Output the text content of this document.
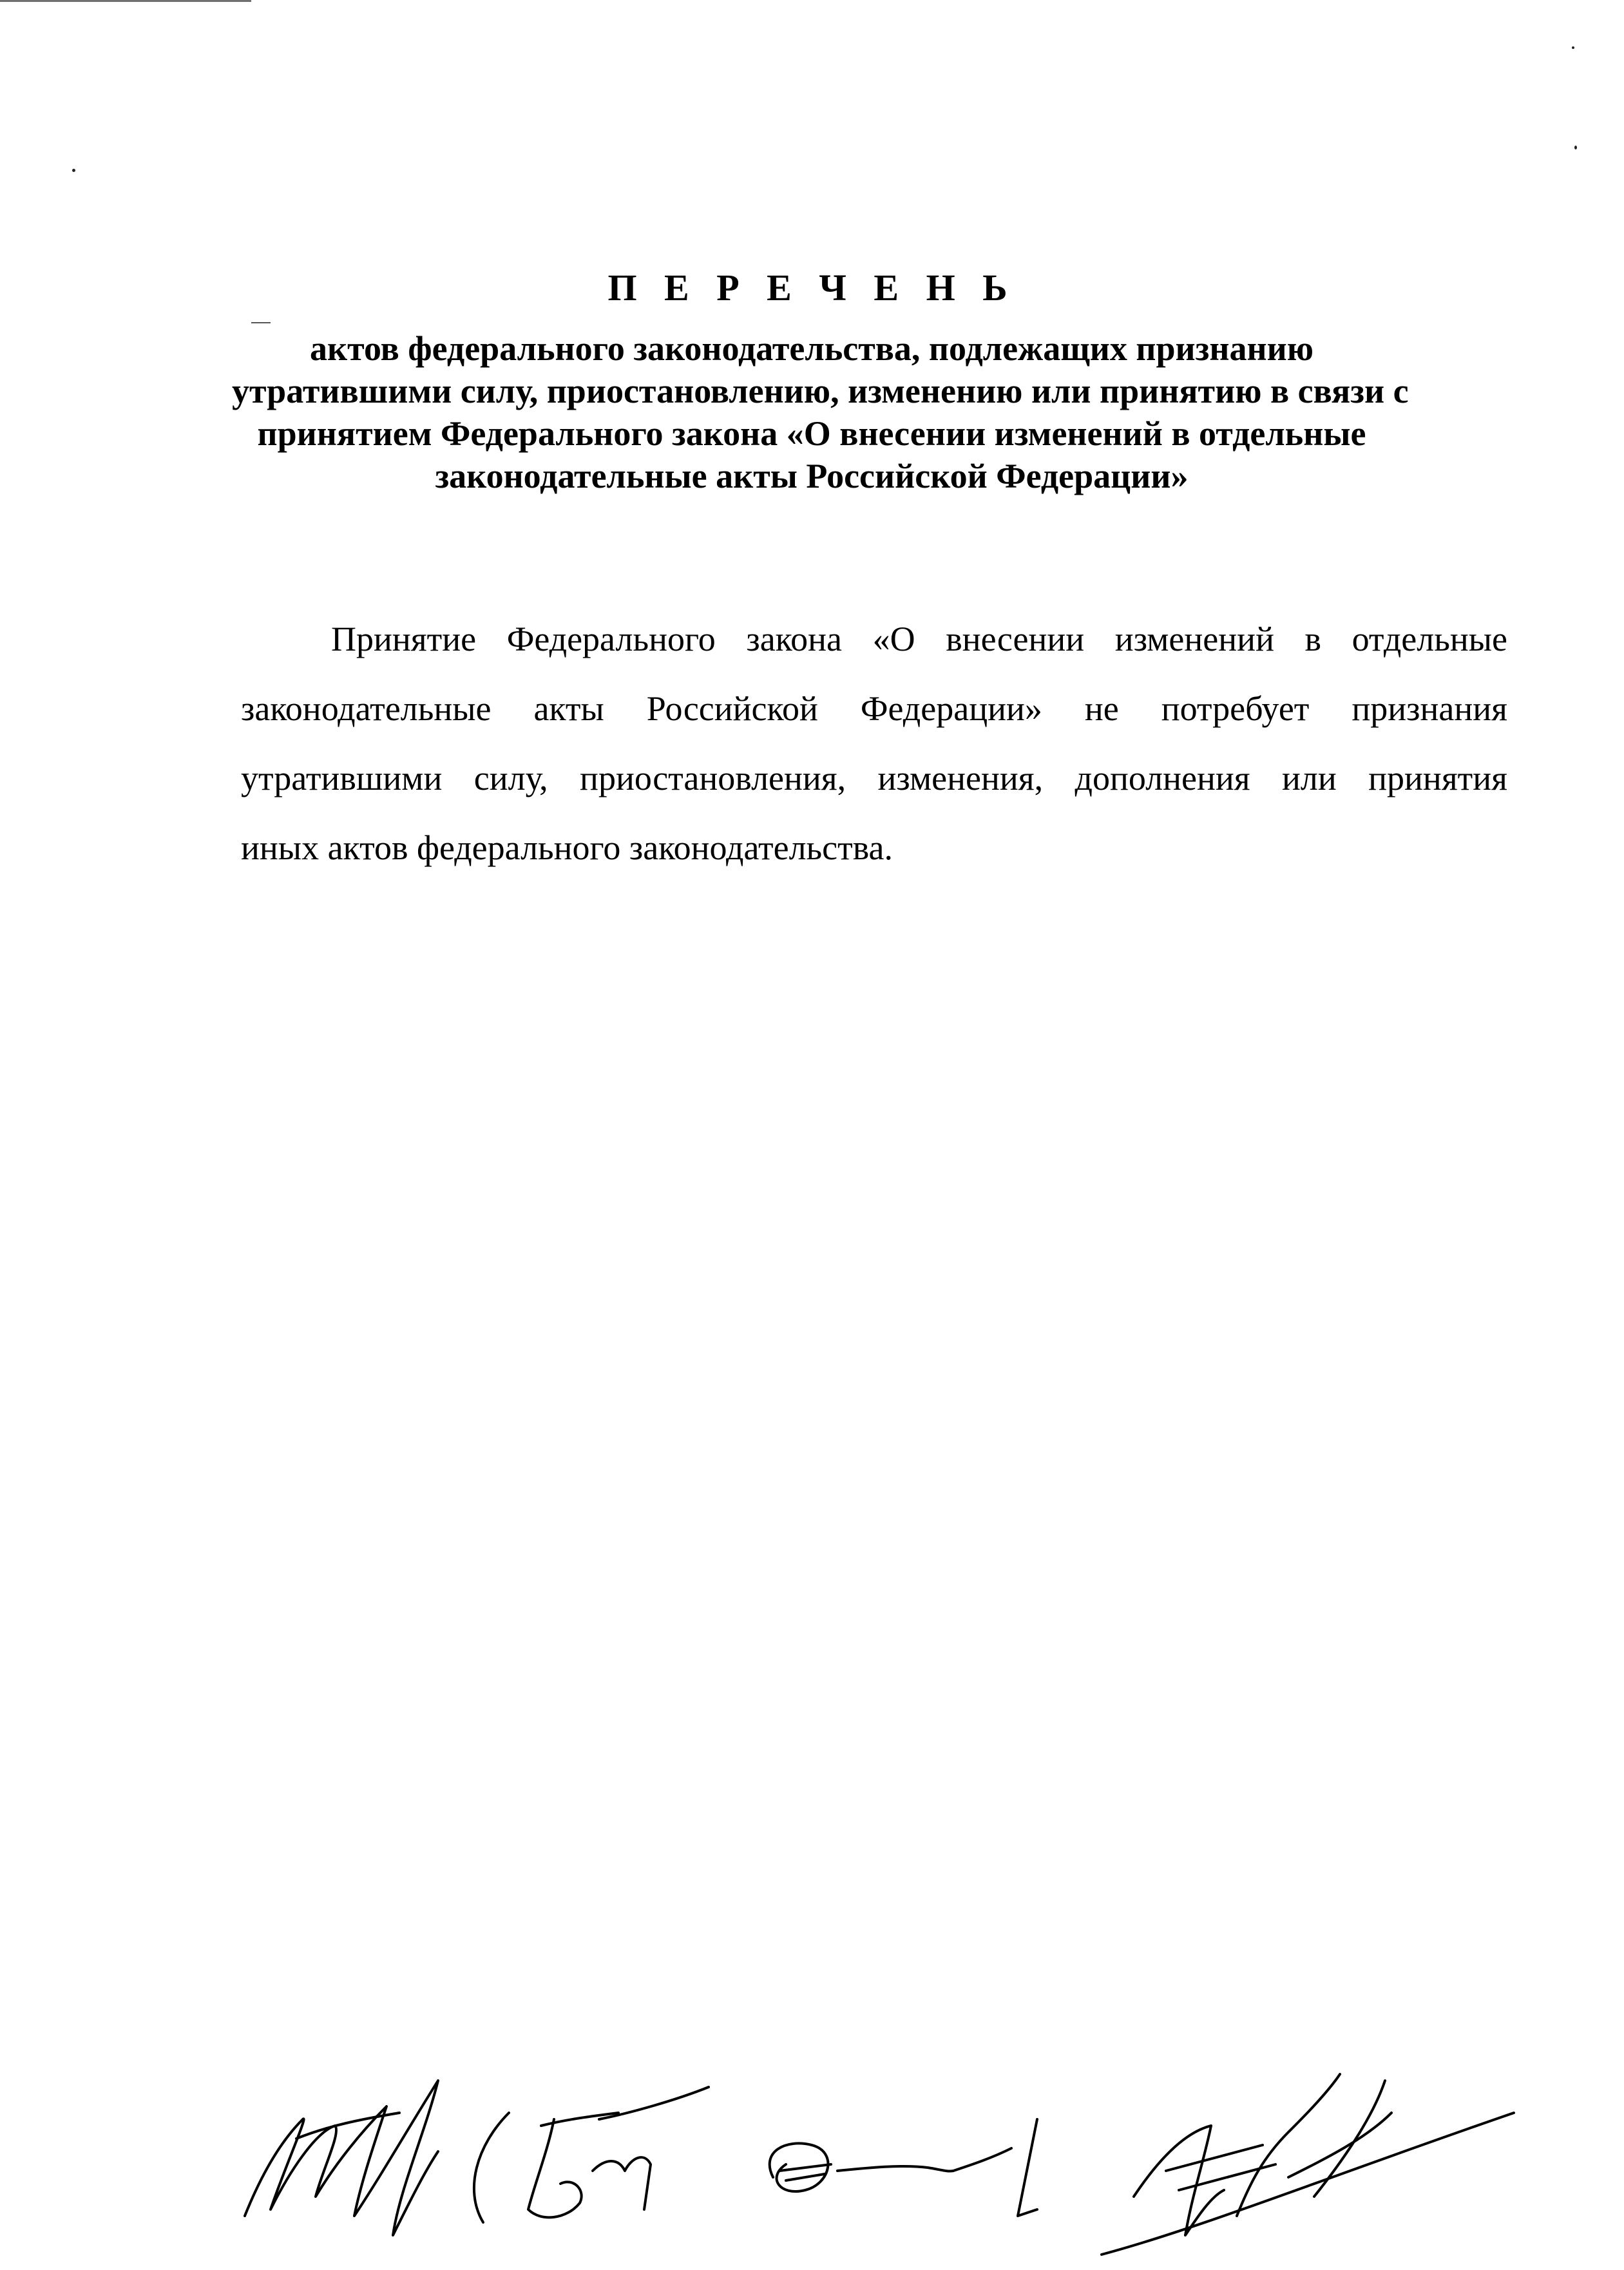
П Е Р Е Ч Е Н Ь
актов федерального законодательства, подлежащих признанию
утратившими силу, приостановлению, изменению или принятию в связи с
принятием Федерального закона «О внесении изменений в отдельные
законодательные акты Российской Федерации»
Принятие Федерального закона «О внесении изменений в отдельные
законодательные акты Российской Федерации» не потребует признания
утратившими силу, приостановления, изменения, дополнения или принятия
иных актов федерального законодательства.
